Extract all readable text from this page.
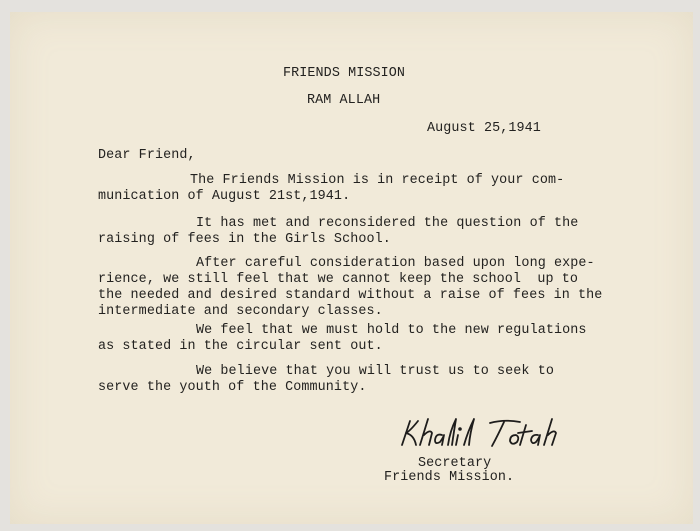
FRIENDS MISSION
RAM ALLAH
August 25,1941
Dear Friend,
The Friends Mission is in receipt of your com-
munication of August 21st,1941.
It has met and reconsidered the question of the
raising of fees in the Girls School.
After careful consideration based upon long expe-
rience, we still feel that we cannot keep the school  up to
the needed and desired standard without a raise of fees in the
intermediate and secondary classes.
We feel that we must hold to the new regulations
as stated in the circular sent out.
We believe that you will trust us to seek to
serve the youth of the Community.
Secretary
Friends Mission.
